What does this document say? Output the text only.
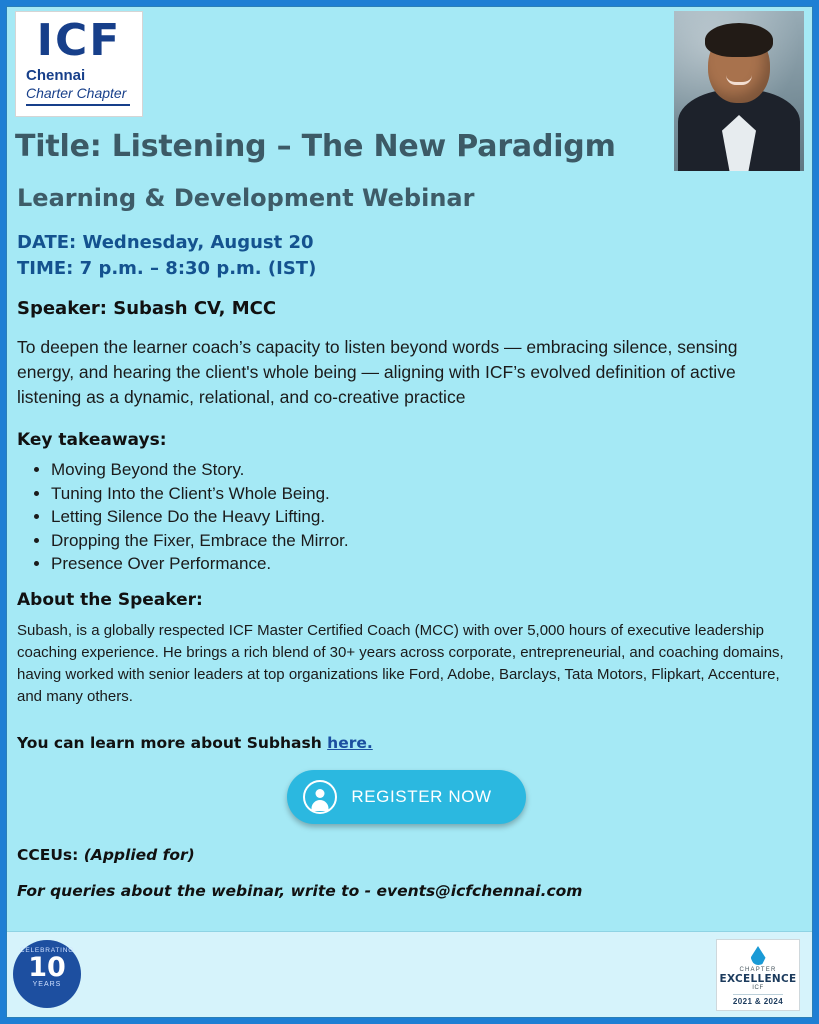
ICF
Chennai
Charter Chapter
Title: Listening – The New Paradigm
Learning & Development Webinar
DATE: Wednesday, August 20
TIME: 7 p.m. – 8:30 p.m. (IST)
Speaker: Subash CV, MCC
To deepen the learner coach’s capacity to listen beyond words — embracing silence, sensing energy, and hearing the client's whole being — aligning with ICF’s evolved definition of active listening as a dynamic, relational, and co-creative practice
Key takeaways:
• Moving Beyond the Story.
• Tuning Into the Client’s Whole Being.
• Letting Silence Do the Heavy Lifting.
• Dropping the Fixer, Embrace the Mirror.
• Presence Over Performance.
About the Speaker:
Subash, is a globally respected ICF Master Certified Coach (MCC) with over 5,000 hours of executive leadership coaching experience. He brings a rich blend of 30+ years across corporate, entrepreneurial, and coaching domains, having worked with senior leaders at top organizations like Ford, Adobe, Barclays, Tata Motors, Flipkart, Accenture, and many others.
You can learn more about Subhash here.
REGISTER NOW
CCEUs: (Applied for)
For queries about the webinar, write to - events@icfchennai.com
CELEBRATING
10
YEARS
CHAPTER
EXCELLENCE
ICF
2021 & 2024
